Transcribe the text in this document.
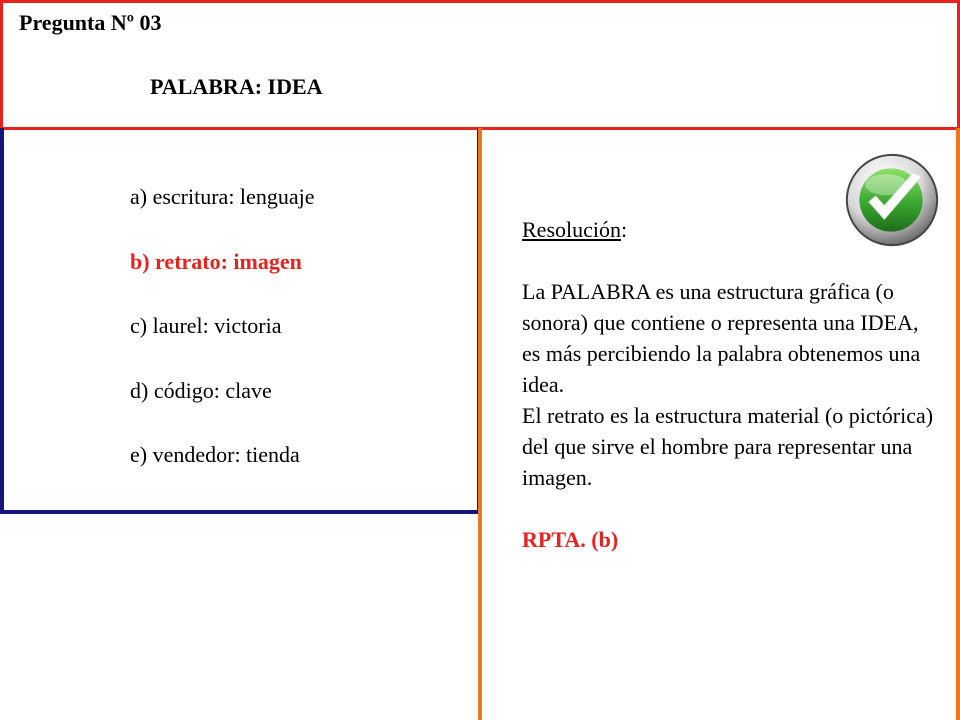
Pregunta Nº 03
PALABRA: IDEA
a) escritura: lenguaje
b) retrato: imagen
c) laurel: victoria
d) código: clave
e) vendedor: tienda

Resolución:

La PALABRA es una estructura gráfica (o sonora) que contiene o representa una IDEA, es más percibiendo la palabra obtenemos una idea.

El retrato es la estructura material (o pictórica) del que sirve el hombre para representar una imagen.

RPTA. (b)
